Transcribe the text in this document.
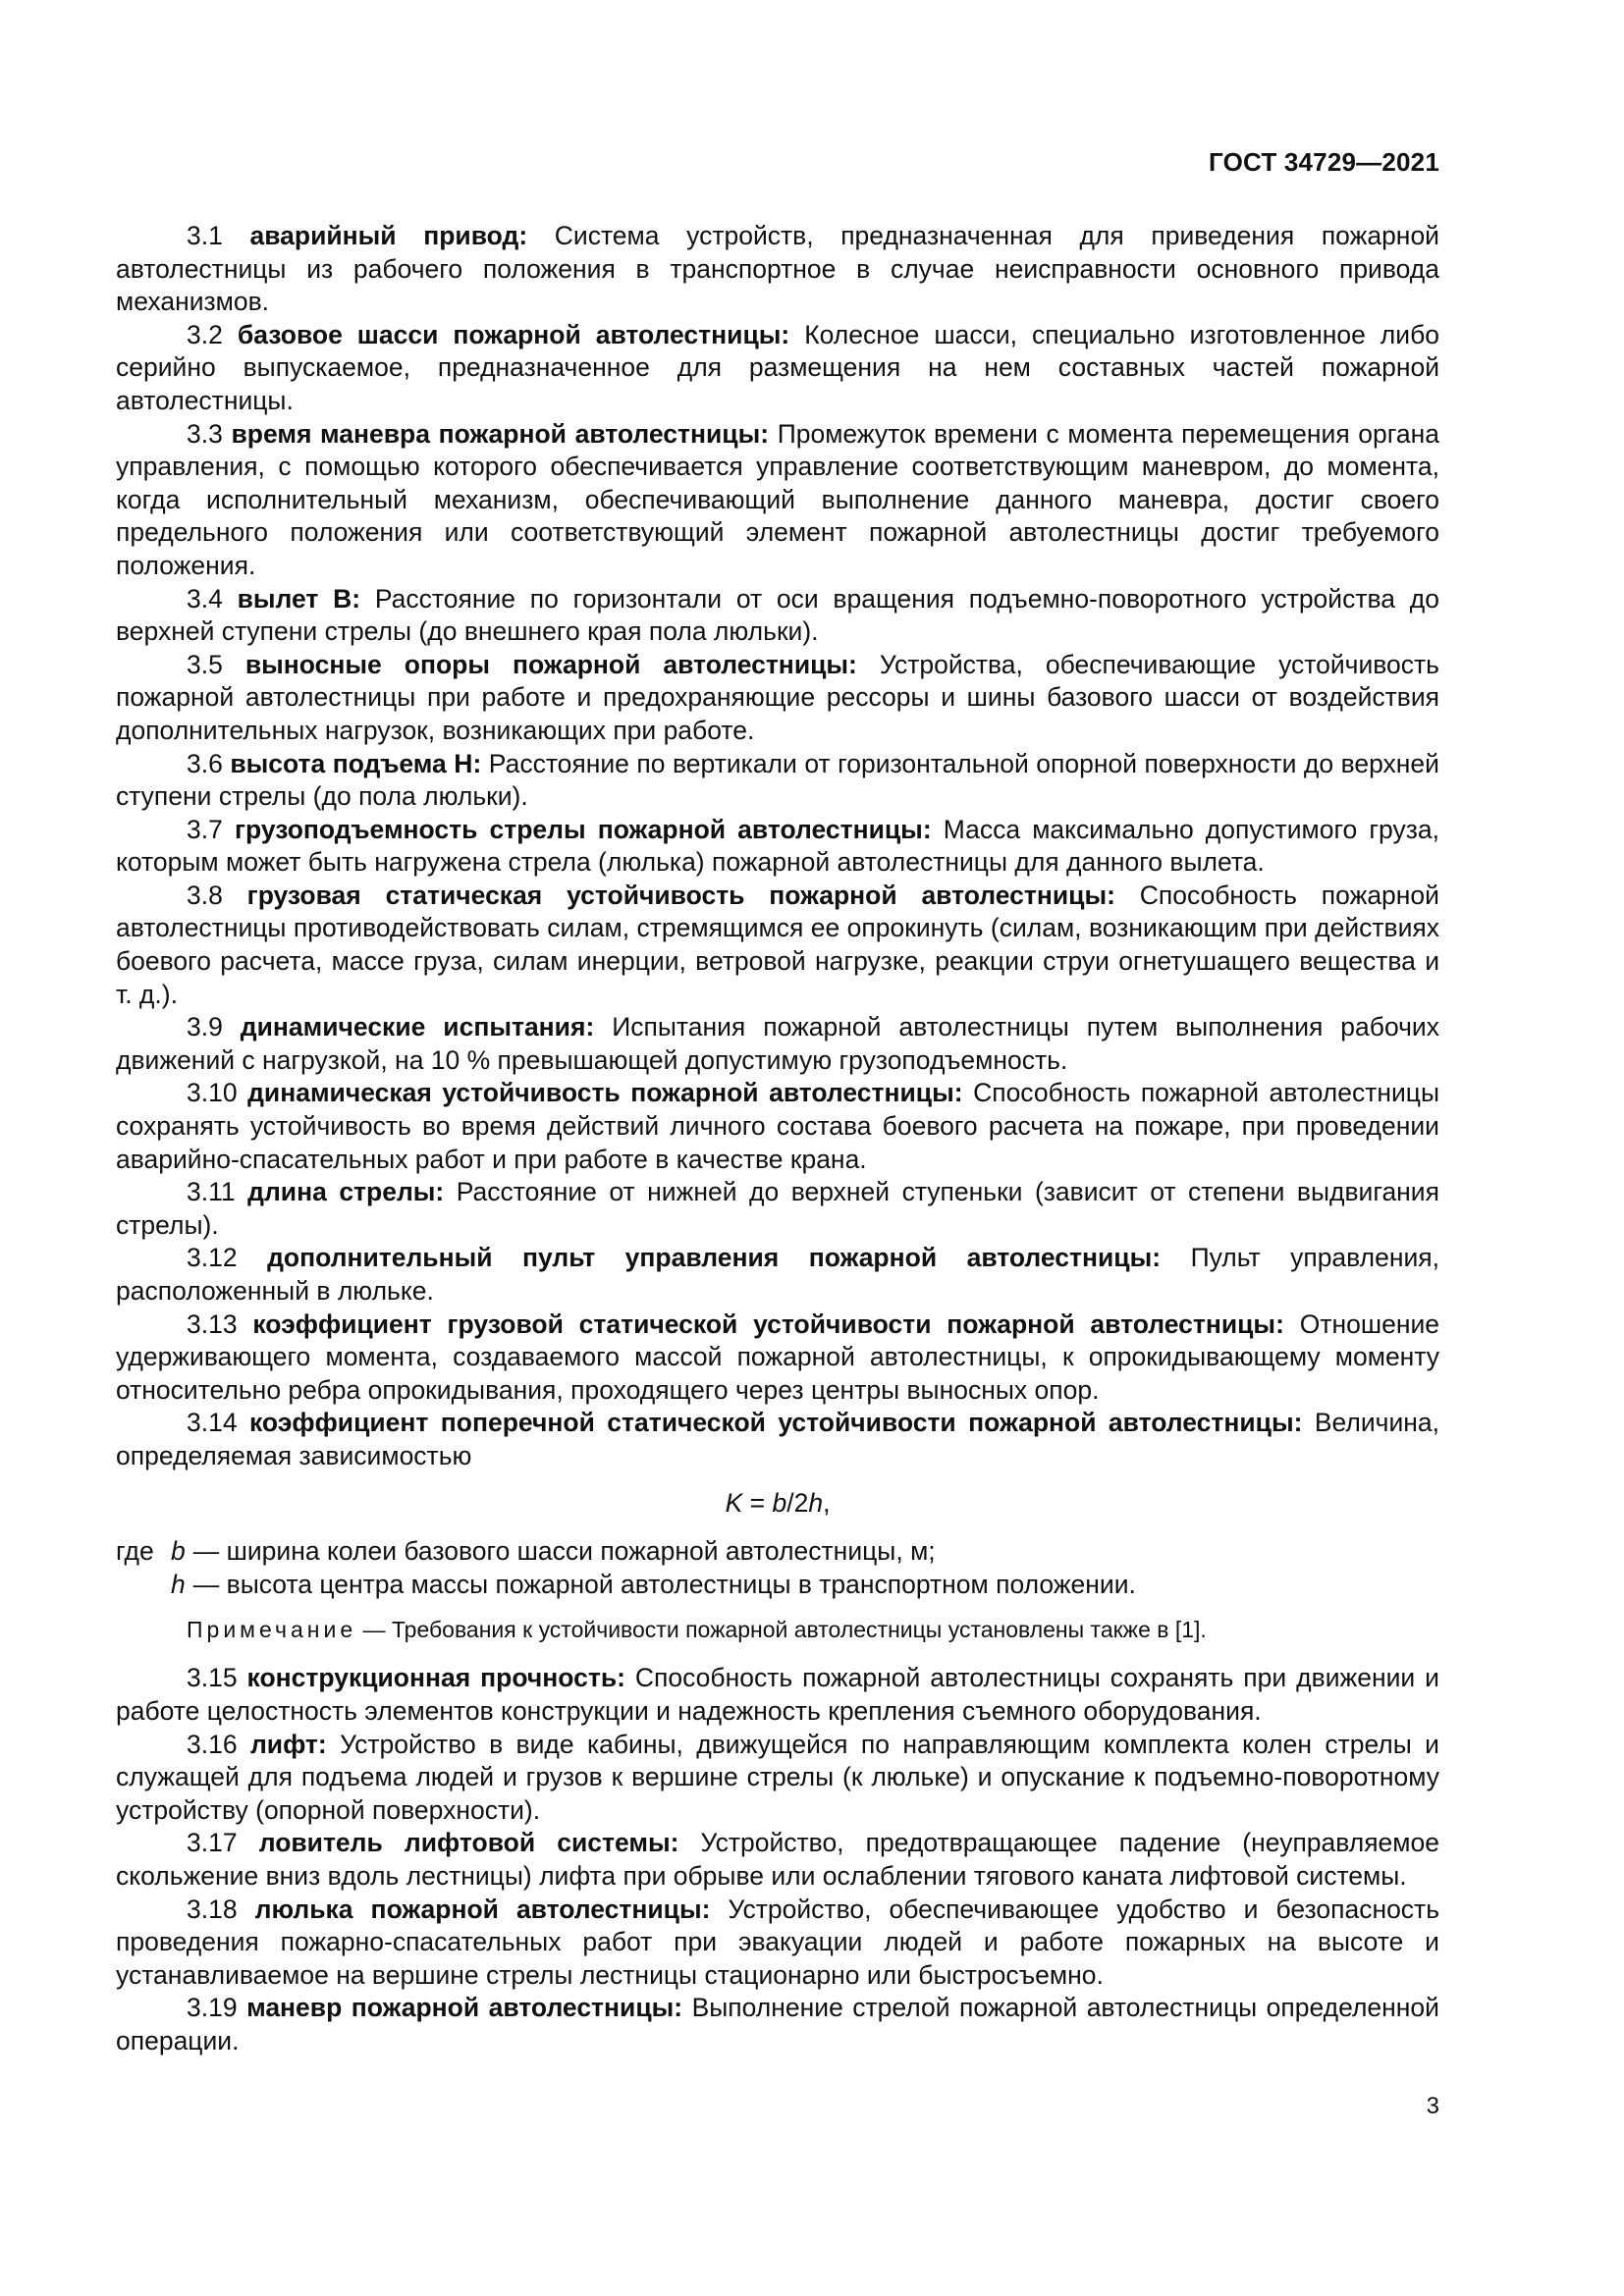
ГОСТ 34729—2021

3.1 аварийный привод: Система устройств, предназначенная для приведения пожарной автолестницы из рабочего положения в транспортное в случае неисправности основного привода механизмов.

3.2 базовое шасси пожарной автолестницы: Колесное шасси, специально изготовленное либо серийно выпускаемое, предназначенное для размещения на нем составных частей пожарной автолестницы.

3.3 время маневра пожарной автолестницы: Промежуток времени с момента перемещения органа управления, с помощью которого обеспечивается управление соответствующим маневром, до момента, когда исполнительный механизм, обеспечивающий выполнение данного маневра, достиг своего предельного положения или соответствующий элемент пожарной автолестницы достиг требуемого положения.

3.4 вылет В: Расстояние по горизонтали от оси вращения подъемно-поворотного устройства до верхней ступени стрелы (до внешнего края пола люльки).

3.5 выносные опоры пожарной автолестницы: Устройства, обеспечивающие устойчивость пожарной автолестницы при работе и предохраняющие рессоры и шины базового шасси от воздействия дополнительных нагрузок, возникающих при работе.

3.6 высота подъема Н: Расстояние по вертикали от горизонтальной опорной поверхности до верхней ступени стрелы (до пола люльки).

3.7 грузоподъемность стрелы пожарной автолестницы: Масса максимально допустимого груза, которым может быть нагружена стрела (люлька) пожарной автолестницы для данного вылета.

3.8 грузовая статическая устойчивость пожарной автолестницы: Способность пожарной автолестницы противодействовать силам, стремящимся ее опрокинуть (силам, возникающим при действиях боевого расчета, массе груза, силам инерции, ветровой нагрузке, реакции струи огнетушащего вещества и т. д.).

3.9 динамические испытания: Испытания пожарной автолестницы путем выполнения рабочих движений с нагрузкой, на 10 % превышающей допустимую грузоподъемность.

3.10 динамическая устойчивость пожарной автолестницы: Способность пожарной автолестницы сохранять устойчивость во время действий личного состава боевого расчета на пожаре, при проведении аварийно-спасательных работ и при работе в качестве крана.

3.11 длина стрелы: Расстояние от нижней до верхней ступеньки (зависит от степени выдвигания стрелы).

3.12 дополнительный пульт управления пожарной автолестницы: Пульт управления, расположенный в люльке.

3.13 коэффициент грузовой статической устойчивости пожарной автолестницы: Отношение удерживающего момента, создаваемого массой пожарной автолестницы, к опрокидывающему моменту относительно ребра опрокидывания, проходящего через центры выносных опор.

3.14 коэффициент поперечной статической устойчивости пожарной автолестницы: Величина, определяемая зависимостью

K = b/2h,
где b — ширина колеи базового шасси пожарной автолестницы, м;
h — высота центра массы пожарной автолестницы в транспортном положении.

Примечание — Требования к устойчивости пожарной автолестницы установлены также в [1].

3.15 конструкционная прочность: Способность пожарной автолестницы сохранять при движении и работе целостность элементов конструкции и надежность крепления съемного оборудования.

3.16 лифт: Устройство в виде кабины, движущейся по направляющим комплекта колен стрелы и служащей для подъема людей и грузов к вершине стрелы (к люльке) и опускание к подъемно-поворотному устройству (опорной поверхности).

3.17 ловитель лифтовой системы: Устройство, предотвращающее падение (неуправляемое скольжение вниз вдоль лестницы) лифта при обрыве или ослаблении тягового каната лифтовой системы.

3.18 люлька пожарной автолестницы: Устройство, обеспечивающее удобство и безопасность проведения пожарно-спасательных работ при эвакуации людей и работе пожарных на высоте и устанавливаемое на вершине стрелы лестницы стационарно или быстросъемно.

3.19 маневр пожарной автолестницы: Выполнение стрелой пожарной автолестницы определенной операции.

3
